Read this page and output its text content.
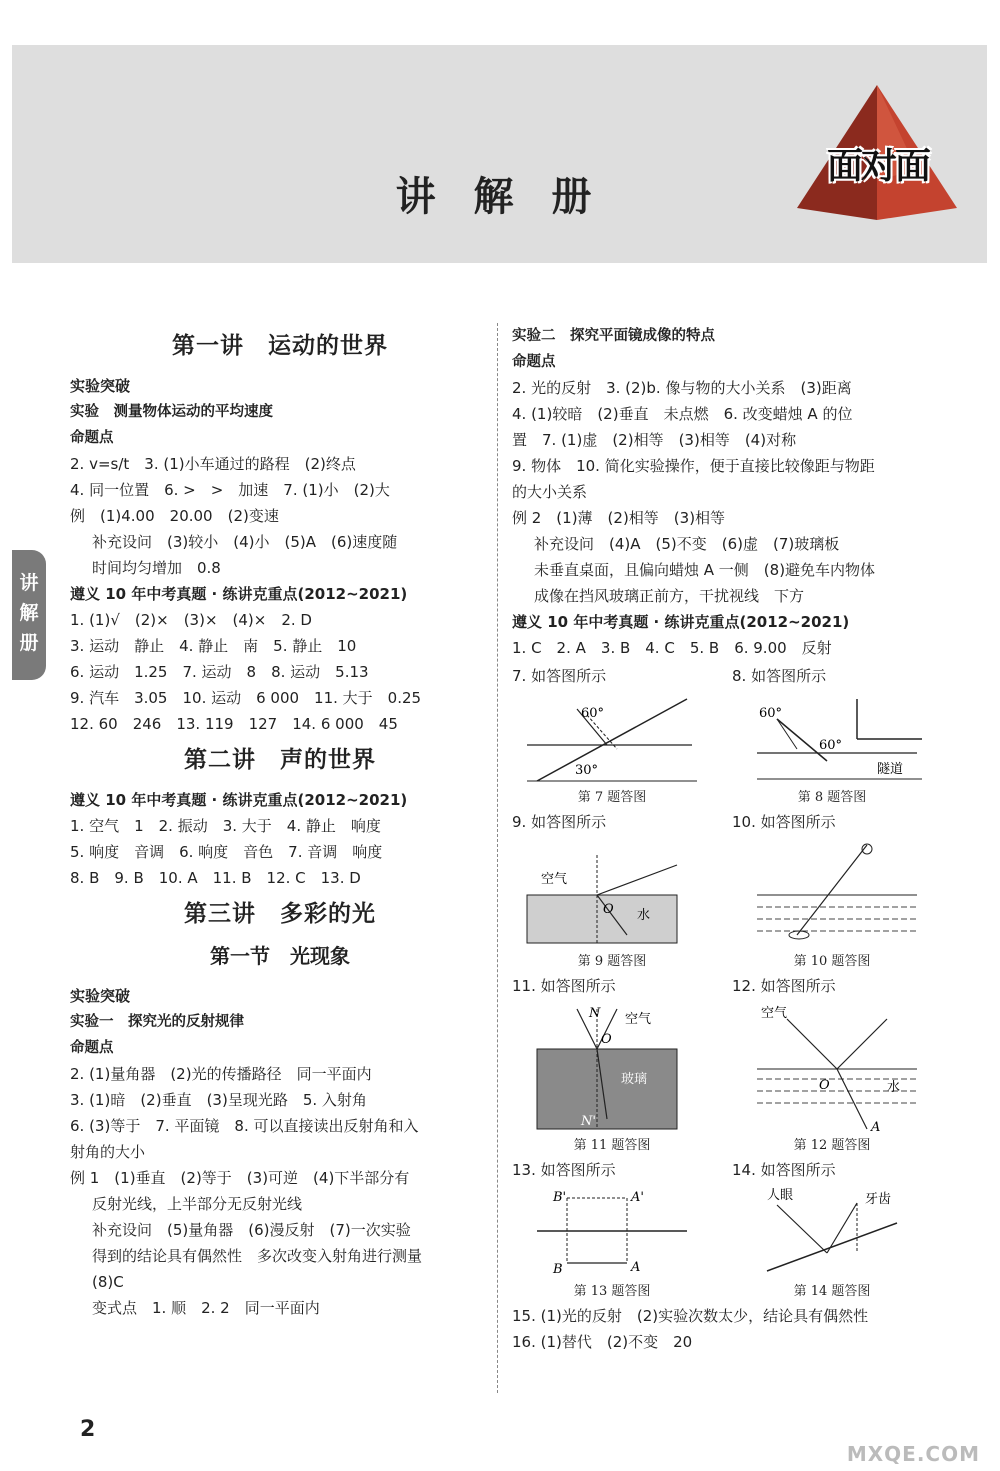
讲 解 册
面对面
讲
解
册
第一讲　运动的世界
实验突破
实验　测量物体运动的平均速度
命题点
2. v=s/t　3. (1)小车通过的路程　(2)终点
4. 同一位置　6. >　>　加速　7. (1)小　(2)大
例　(1)4.00　20.00　(2)变速
补充设问　(3)较小　(4)小　(5)A　(6)速度随
时间均匀增加　0.8
遵义 10 年中考真题 · 练讲克重点(2012~2021)
1. (1)√　(2)×　(3)×　(4)×　2. D
3. 运动　静止　4. 静止　南　5. 静止　10
6. 运动　1.25　7. 运动　8　8. 运动　5.13
9. 汽车　3.05　10. 运动　6 000　11. 大于　0.25
12. 60　246　13. 119　127　14. 6 000　45
第二讲　声的世界
遵义 10 年中考真题 · 练讲克重点(2012~2021)
1. 空气　1　2. 振动　3. 大于　4. 静止　响度
5. 响度　音调　6. 响度　音色　7. 音调　响度
8. B　9. B　10. A　11. B　12. C　13. D
第三讲　多彩的光
第一节　光现象
实验突破
实验一　探究光的反射规律
命题点
2. (1)量角器　(2)光的传播路径　同一平面内
3. (1)暗　(2)垂直　(3)呈现光路　5. 入射角
6. (3)等于　7. 平面镜　8. 可以直接读出反射角和入
射角的大小
例 1　(1)垂直　(2)等于　(3)可逆　(4)下半部分有
反射光线，上半部分无反射光线
补充设问　(5)量角器　(6)漫反射　(7)一次实验
得到的结论具有偶然性　多次改变入射角进行测量
(8)C
变式点　1. 顺　2. 2　同一平面内
实验二　探究平面镜成像的特点
命题点
2. 光的反射　3. (2)b. 像与物的大小关系　(3)距离
4. (1)较暗　(2)垂直　未点燃　6. 改变蜡烛 A 的位
置　7. (1)虚　(2)相等　(3)相等　(4)对称
9. 物体　10. 简化实验操作，便于直接比较像距与物距
的大小关系
例 2　(1)薄　(2)相等　(3)相等
补充设问　(4)A　(5)不变　(6)虚　(7)玻璃板
未垂直桌面，且偏向蜡烛 A 一侧　(8)避免车内物体
成像在挡风玻璃正前方，干扰视线　下方
遵义 10 年中考真题 · 练讲克重点(2012~2021)
1. C　2. A　3. B　4. C　5. B　6. 9.00　反射
7. 如答图所示
60°
30°
第 7 题答图
8. 如答图所示
60°
60°
隧道
第 8 题答图
9. 如答图所示
空气
O 水
第 9 题答图
10. 如答图所示
第 10 题答图
11. 如答图所示
N 空气
O
玻璃
N'
第 11 题答图
12. 如答图所示
空气
O	水
A
第 12 题答图
13. 如答图所示
B'	A'
B	A
第 13 题答图
14. 如答图所示
人眼	牙齿
第 14 题答图
15. (1)光的反射　(2)实验次数太少，结论具有偶然性
16. (1)替代　(2)不变　20
2
MXQE.COM
